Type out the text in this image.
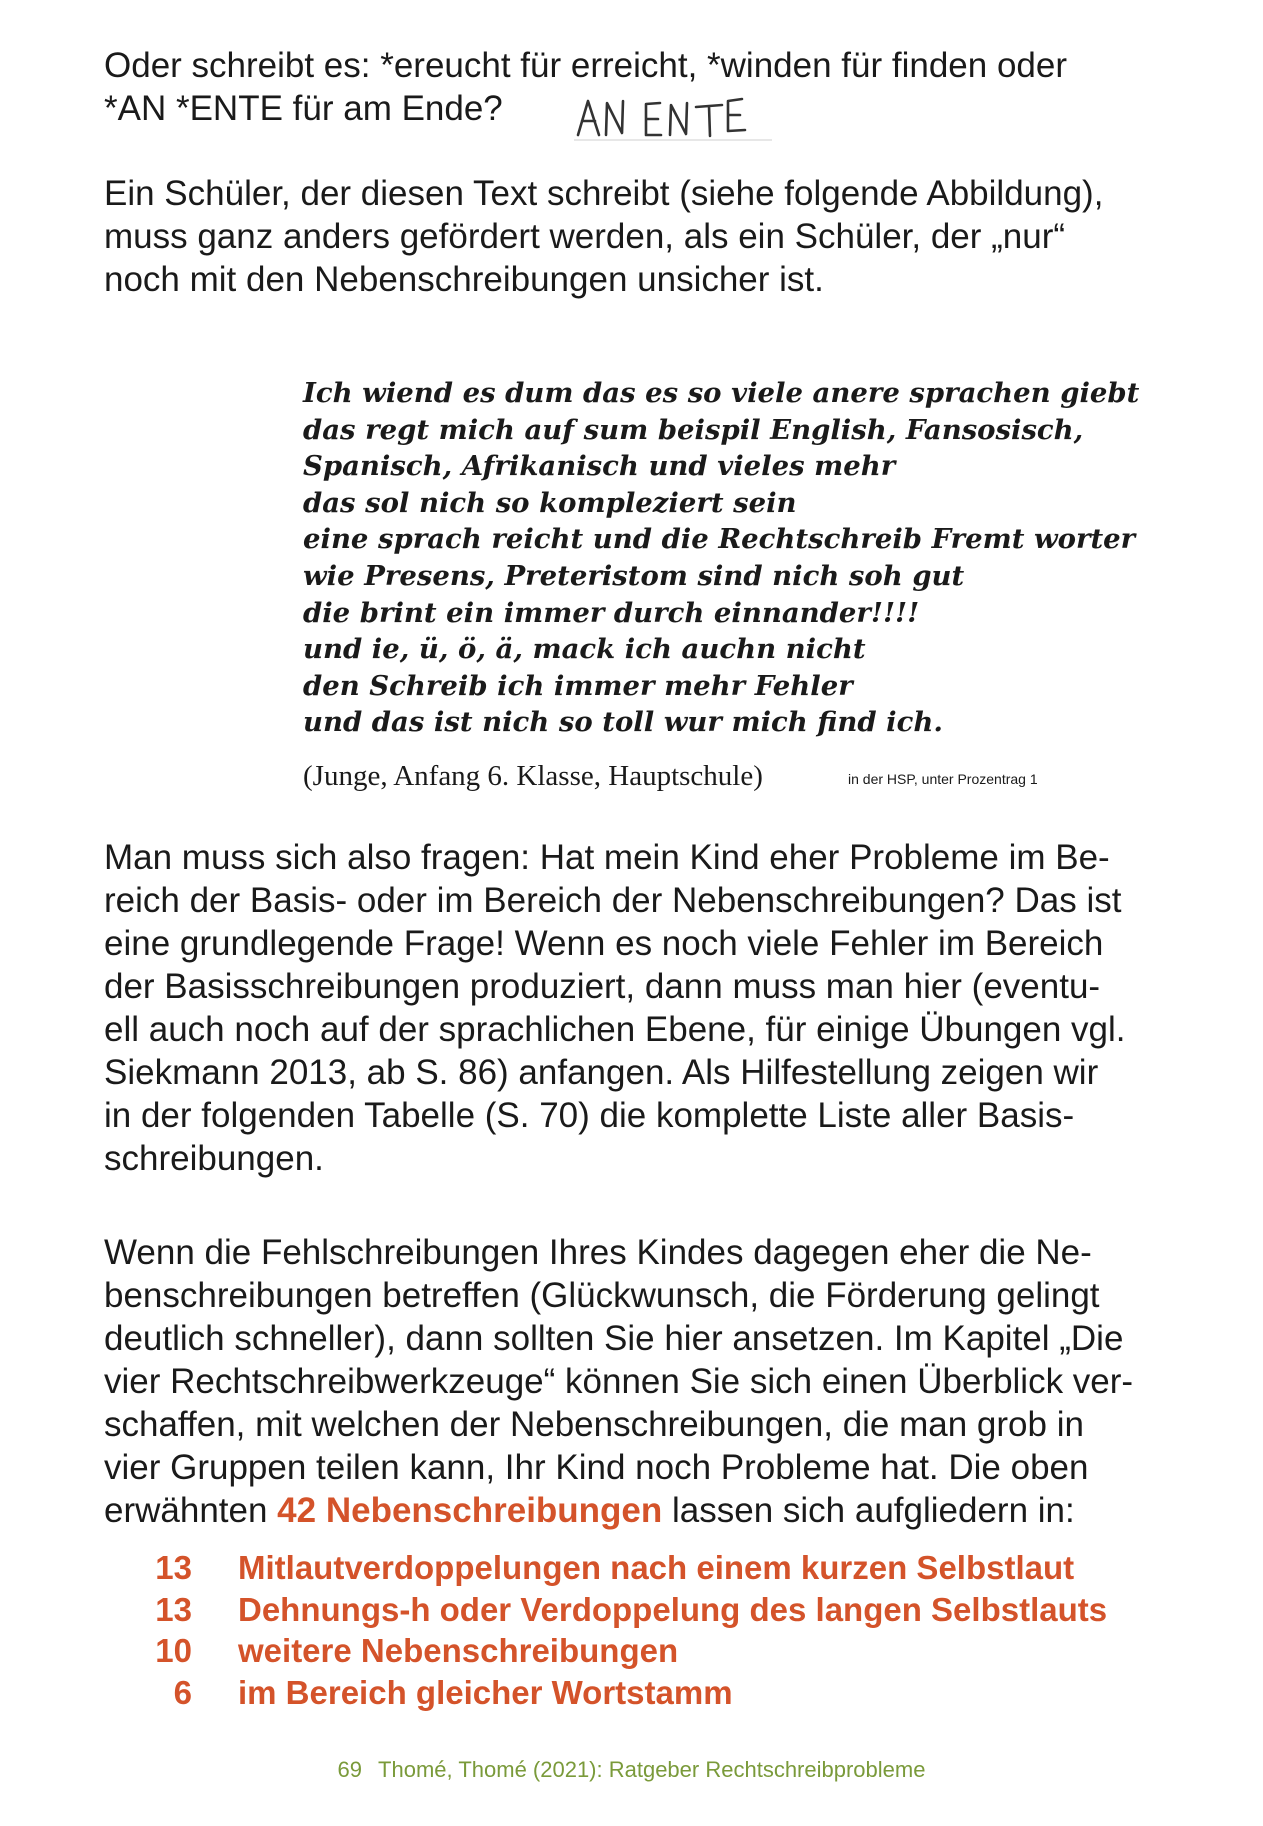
Oder schreibt es: *ereucht für erreicht, *winden für finden oder
*AN *ENTE für am Ende?
Ein Schüler, der diesen Text schreibt (siehe folgende Abbildung),
muss ganz anders gefördert werden, als ein Schüler, der „nur“
noch mit den Nebenschreibungen unsicher ist.
Ich wiend es dum das es so viele anere sprachen giebt
das regt mich auf sum beispil English, Fansosisch,
Spanisch, Afrikanisch und vieles mehr
das sol nich so kompleziert sein
eine sprach reicht und die Rechtschreib Fremt worter
wie Presens, Preteristom sind nich soh gut
die brint ein immer durch einnander!!!!
und ie, ü, ö, ä, mack ich auchn nicht
den Schreib ich immer mehr Fehler
und das ist nich so toll wur mich find ich.
(Junge, Anfang 6. Klasse, Hauptschule)	in der HSP, unter Prozentrag 1
Man muss sich also fragen: Hat mein Kind eher Probleme im Be-
reich der Basis- oder im Bereich der Nebenschreibungen? Das ist
eine grundlegende Frage! Wenn es noch viele Fehler im Bereich
der Basisschreibungen produziert, dann muss man hier (eventu-
ell auch noch auf der sprachlichen Ebene, für einige Übungen vgl.
Siekmann 2013, ab S. 86) anfangen. Als Hilfestellung zeigen wir
in der folgenden Tabelle (S. 70) die komplette Liste aller Basis-
schreibungen.
Wenn die Fehlschreibungen Ihres Kindes dagegen eher die Ne-
benschreibungen betreffen (Glückwunsch, die Förderung gelingt
deutlich schneller), dann sollten Sie hier ansetzen. Im Kapitel „Die
vier Rechtschreibwerkzeuge“ können Sie sich einen Überblick ver-
schaffen, mit welchen der Nebenschreibungen, die man grob in
vier Gruppen teilen kann, Ihr Kind noch Probleme hat. Die oben
erwähnten 42 Nebenschreibungen lassen sich aufgliedern in:
13	Mitlautverdoppelungen nach einem kurzen Selbstlaut
13	Dehnungs-h oder Verdoppelung des langen Selbstlauts
10	weitere Nebenschreibungen
6	im Bereich gleicher Wortstamm
69 Thomé, Thomé (2021): Ratgeber Rechtschreibprobleme
